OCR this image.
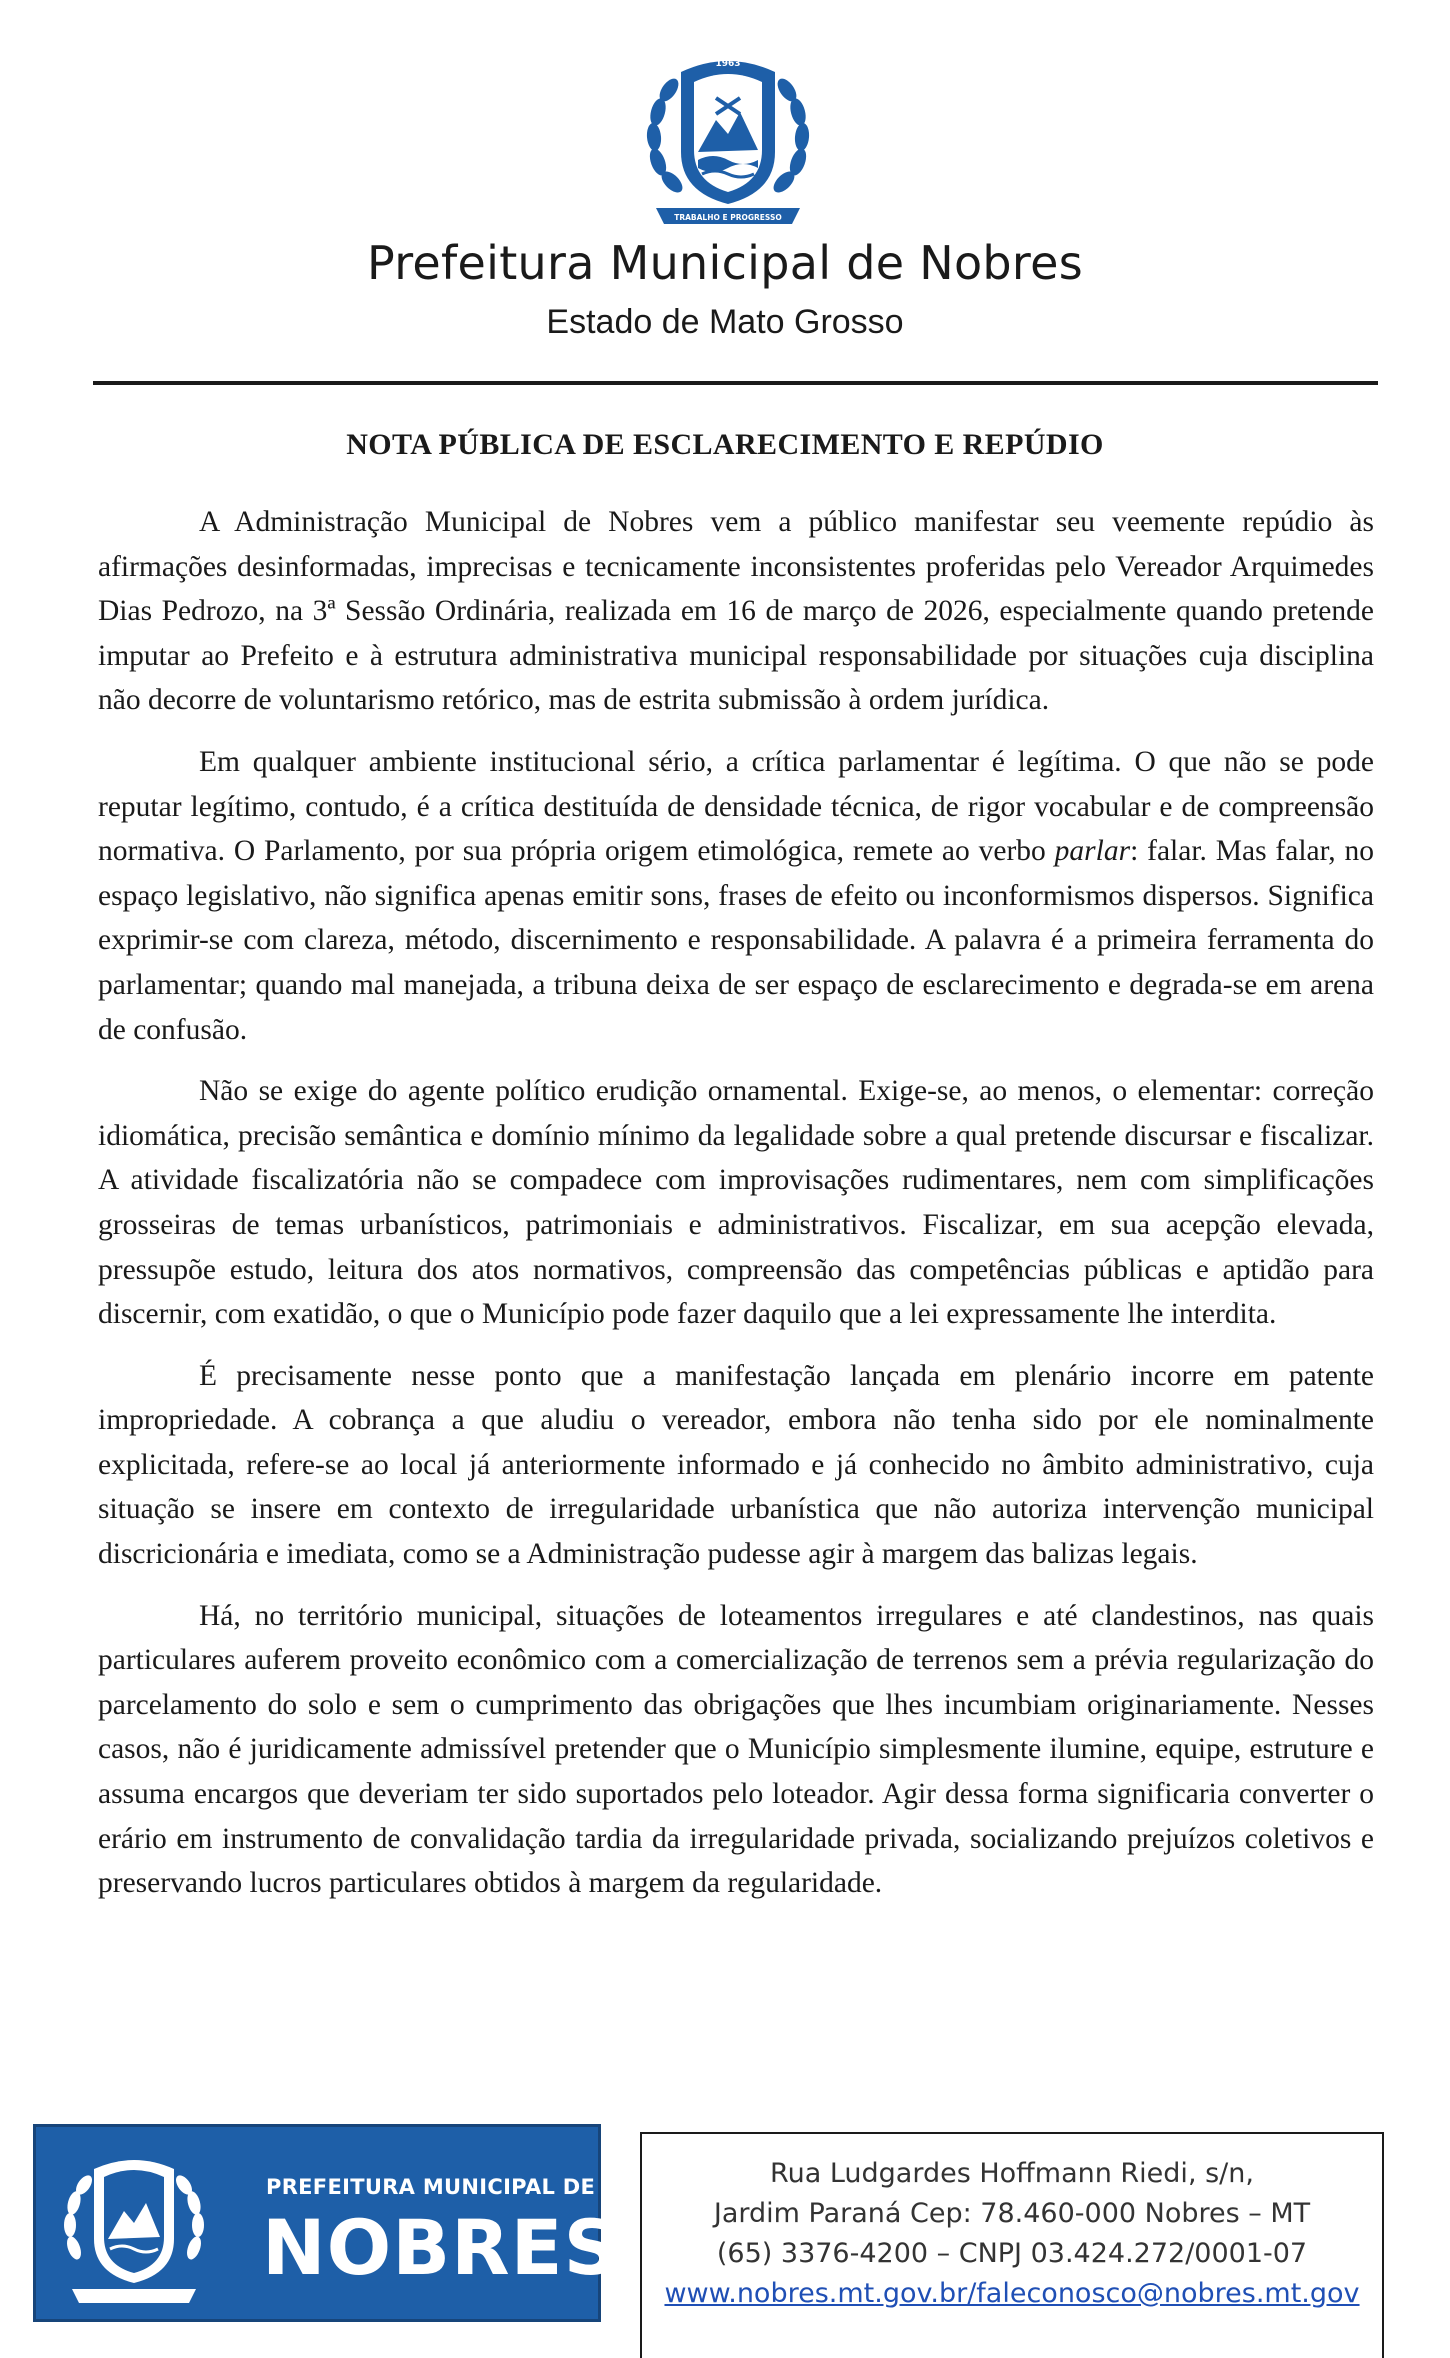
1963
TRABALHO E PROGRESSO
Prefeitura Municipal de Nobres
Estado de Mato Grosso
NOTA PÚBLICA DE ESCLARECIMENTO E REPÚDIO

A Administração Municipal de Nobres vem a público manifestar seu veemente repúdio às afirmações desinformadas, imprecisas e tecnicamente inconsistentes proferidas pelo Vereador Arquimedes Dias Pedrozo, na 3ª Sessão Ordinária, realizada em 16 de março de 2026, especialmente quando pretende imputar ao Prefeito e à estrutura administrativa municipal responsabilidade por situações cuja disciplina não decorre de voluntarismo retórico, mas de estrita submissão à ordem jurídica.

Em qualquer ambiente institucional sério, a crítica parlamentar é legítima. O que não se pode reputar legítimo, contudo, é a crítica destituída de densidade técnica, de rigor vocabular e de compreensão normativa. O Parlamento, por sua própria origem etimológica, remete ao verbo parlar: falar. Mas falar, no espaço legislativo, não significa apenas emitir sons, frases de efeito ou inconformismos dispersos. Significa exprimir-se com clareza, método, discernimento e responsabilidade. A palavra é a primeira ferramenta do parlamentar; quando mal manejada, a tribuna deixa de ser espaço de esclarecimento e degrada-se em arena de confusão.

Não se exige do agente político erudição ornamental. Exige-se, ao menos, o elementar: correção idiomática, precisão semântica e domínio mínimo da legalidade sobre a qual pretende discursar e fiscalizar. A atividade fiscalizatória não se compadece com improvisações rudimentares, nem com simplificações grosseiras de temas urbanísticos, patrimoniais e administrativos. Fiscalizar, em sua acepção elevada, pressupõe estudo, leitura dos atos normativos, compreensão das competências públicas e aptidão para discernir, com exatidão, o que o Município pode fazer daquilo que a lei expressamente lhe interdita.

É precisamente nesse ponto que a manifestação lançada em plenário incorre em patente impropriedade. A cobrança a que aludiu o vereador, embora não tenha sido por ele nominalmente explicitada, refere-se ao local já anteriormente informado e já conhecido no âmbito administrativo, cuja situação se insere em contexto de irregularidade urbanística que não autoriza intervenção municipal discricionária e imediata, como se a Administração pudesse agir à margem das balizas legais.

Há, no território municipal, situações de loteamentos irregulares e até clandestinos, nas quais particulares auferem proveito econômico com a comercialização de terrenos sem a prévia regularização do parcelamento do solo e sem o cumprimento das obrigações que lhes incumbiam originariamente. Nesses casos, não é juridicamente admissível pretender que o Município simplesmente ilumine, equipe, estruture e assuma encargos que deveriam ter sido suportados pelo loteador. Agir dessa forma significaria converter o erário em instrumento de convalidação tardia da irregularidade privada, socializando prejuízos coletivos e preservando lucros particulares obtidos à margem da regularidade.

PREFEITURA MUNICIPAL DE
NOBRES
Rua Ludgardes Hoffmann Riedi, s/n,
Jardim Paraná Cep: 78.460-000 Nobres – MT
(65) 3376-4200 – CNPJ 03.424.272/0001-07
www.nobres.mt.gov.br/faleconosco@nobres.mt.gov
